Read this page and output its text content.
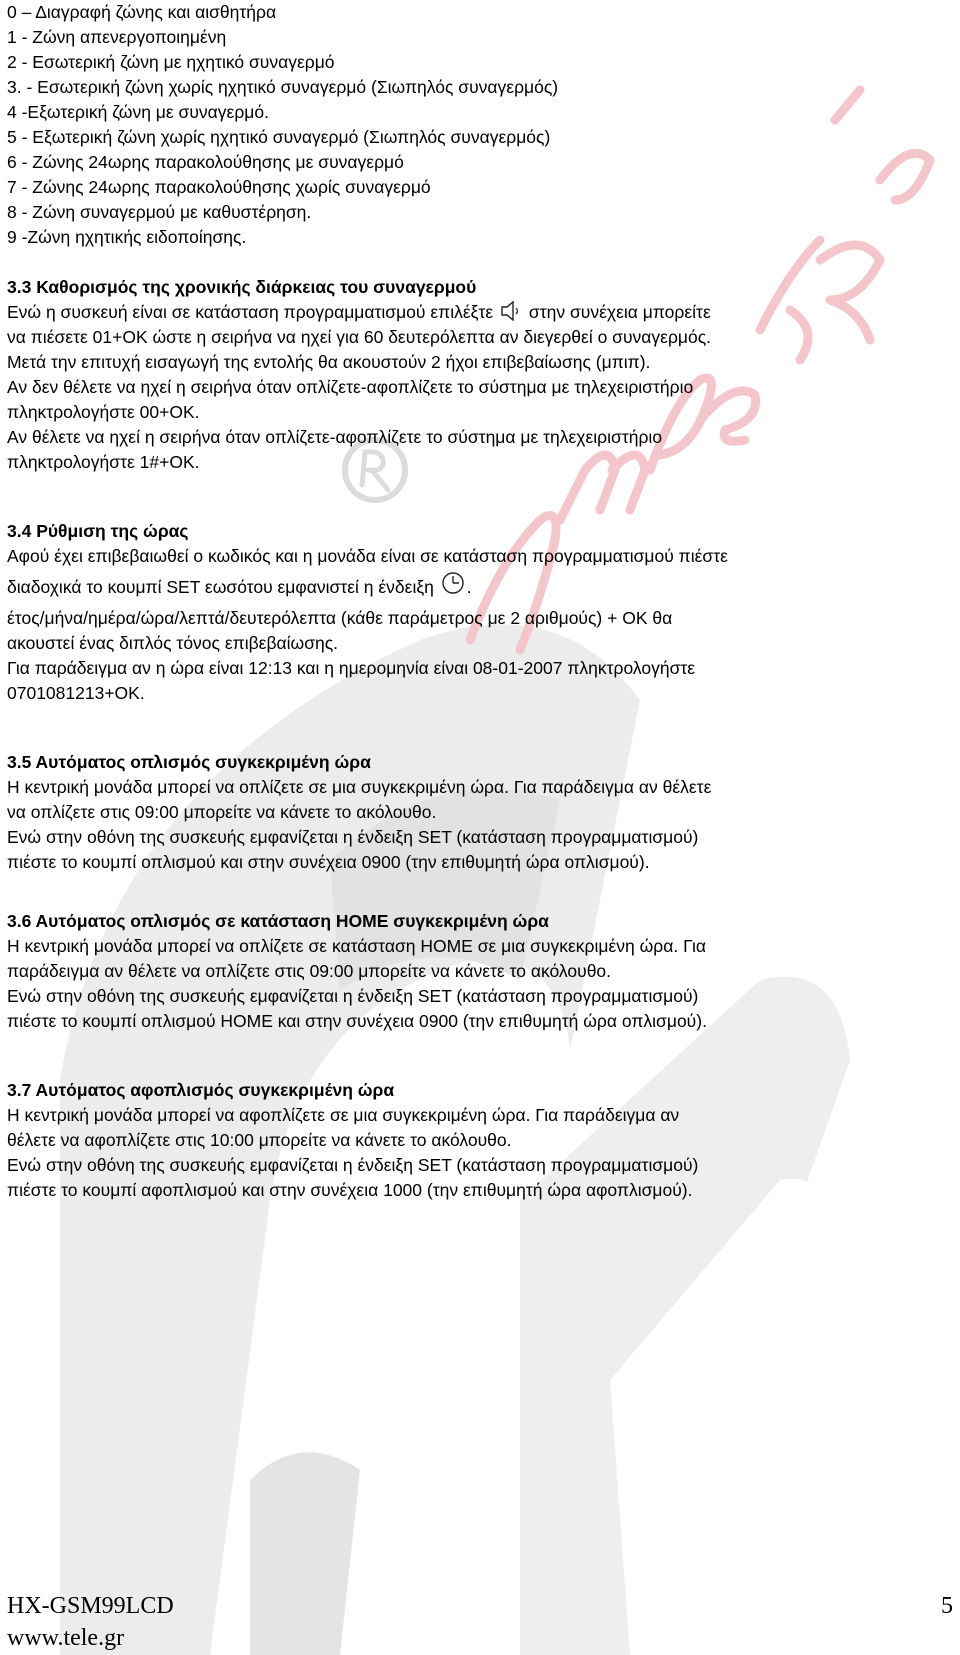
0 – Διαγραφή ζώνης και αισθητήρα
1 - Ζώνη απενεργοποιημένη
2 - Εσωτερική ζώνη με ηχητικό συναγερμό
3. - Εσωτερική ζώνη χωρίς ηχητικό συναγερμό (Σιωπηλός συναγερμός)
4 -Εξωτερική ζώνη με συναγερμό.
5 - Εξωτερική ζώνη χωρίς ηχητικό συναγερμό (Σιωπηλός συναγερμός)
6 - Ζώνης 24ωρης παρακολούθησης με συναγερμό
7 - Ζώνης 24ωρης παρακολούθησης χωρίς συναγερμό
8 - Ζώνη συναγερμού με καθυστέρηση.
9 -Ζώνη ηχητικής ειδοποίησης.
3.3 Καθορισμός της χρονικής διάρκειας του συναγερμού
Ενώ η συσκευή είναι σε κατάσταση προγραμματισμού επιλέξτε  στην συνέχεια μπορείτε
να πιέσετε 01+ΟΚ ώστε η σειρήνα να ηχεί για 60 δευτερόλεπτα αν διεγερθεί ο συναγερμός.
Μετά την επιτυχή εισαγωγή της εντολής θα ακουστούν 2 ήχοι επιβεβαίωσης (μπιπ).
Αν δεν θέλετε να ηχεί η σειρήνα όταν οπλίζετε-αφοπλίζετε το σύστημα με τηλεχειριστήριο
πληκτρολογήστε 00+ΟΚ.
Αν θέλετε να ηχεί η σειρήνα όταν οπλίζετε-αφοπλίζετε το σύστημα με τηλεχειριστήριο
πληκτρολογήστε 1#+ΟΚ.
3.4 Ρύθμιση της ώρας
Αφού έχει επιβεβαιωθεί ο κωδικός και η μονάδα είναι σε κατάσταση προγραμματισμού πιέστε
διαδοχικά το κουμπί SET εωσότου εμφανιστεί η ένδειξη .
έτος/μήνα/ημέρα/ώρα/λεπτά/δευτερόλεπτα (κάθε παράμετρος με 2 αριθμούς) + ΟΚ θα
ακουστεί ένας διπλός τόνος επιβεβαίωσης.
Για παράδειγμα αν η ώρα είναι 12:13 και η ημερομηνία είναι 08-01-2007 πληκτρολογήστε
0701081213+OK.
3.5 Αυτόματος οπλισμός συγκεκριμένη ώρα
Η κεντρική μονάδα μπορεί να οπλίζετε σε μια συγκεκριμένη ώρα. Για παράδειγμα αν θέλετε
να οπλίζετε στις 09:00 μπορείτε να κάνετε το ακόλουθο.
Ενώ στην οθόνη της συσκευής εμφανίζεται η ένδειξη SET (κατάσταση προγραμματισμού)
πιέστε το κουμπί οπλισμού και στην συνέχεια 0900 (την επιθυμητή ώρα οπλισμού).
3.6 Αυτόματος οπλισμός σε κατάσταση HOME συγκεκριμένη ώρα
Η κεντρική μονάδα μπορεί να οπλίζετε σε κατάσταση HOME σε μια συγκεκριμένη ώρα. Για
παράδειγμα αν θέλετε να οπλίζετε στις 09:00 μπορείτε να κάνετε το ακόλουθο.
Ενώ στην οθόνη της συσκευής εμφανίζεται η ένδειξη SET (κατάσταση προγραμματισμού)
πιέστε το κουμπί οπλισμού HOME και στην συνέχεια 0900 (την επιθυμητή ώρα οπλισμού).
3.7 Αυτόματος αφοπλισμός συγκεκριμένη ώρα
Η κεντρική μονάδα μπορεί να αφοπλίζετε σε μια συγκεκριμένη ώρα. Για παράδειγμα αν
θέλετε να αφοπλίζετε στις 10:00 μπορείτε να κάνετε το ακόλουθο.
Ενώ στην οθόνη της συσκευής εμφανίζεται η ένδειξη SET (κατάσταση προγραμματισμού)
πιέστε το κουμπί αφοπλισμού και στην συνέχεια 1000 (την επιθυμητή ώρα αφοπλισμού).
HX-GSM99LCD
www.tele.gr
5
